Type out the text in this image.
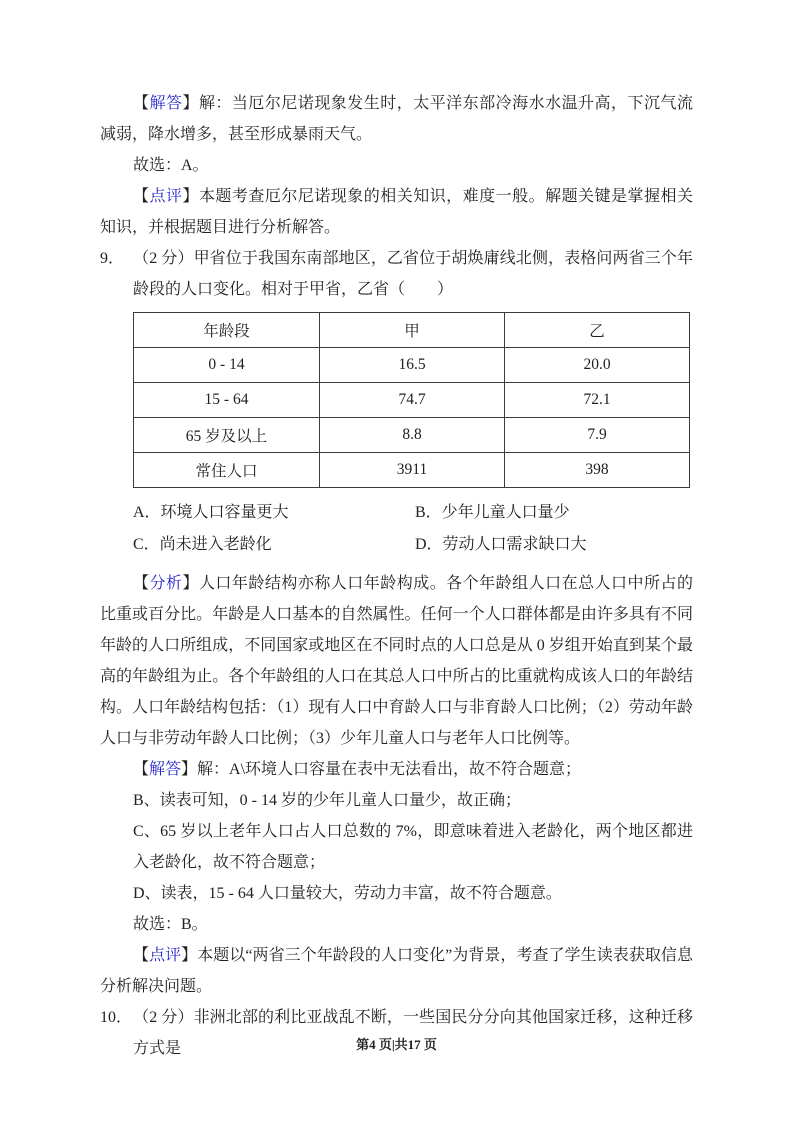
【解答】解：当厄尔尼诺现象发生时，太平洋东部冷海水水温升高，下沉气流减弱，降水增多，甚至形成暴雨天气。

故选：A。

【点评】本题考查厄尔尼诺现象的相关知识，难度一般。解题关键是掌握相关知识，并根据题目进行分析解答。

9． （2 分）甲省位于我国东南部地区，乙省位于胡焕庸线北侧，表格问两省三个年龄段的人口变化。相对于甲省，乙省（　　）

年龄段	甲	乙
0 - 14	16.5	20.0
15 - 64	74.7	72.1
65 岁及以上	8.8	7.9
常住人口	3911	398
A．环境人口容量更大	B．少年儿童人口量少
C．尚未进入老龄化	D．劳动人口需求缺口大

【分析】人口年龄结构亦称人口年龄构成。各个年龄组人口在总人口中所占的比重或百分比。年龄是人口基本的自然属性。任何一个人口群体都是由许多具有不同年龄的人口所组成，不同国家或地区在不同时点的人口总是从 0 岁组开始直到某个最高的年龄组为止。各个年龄组的人口在其总人口中所占的比重就构成该人口的年龄结构。人口年龄结构包括：（1）现有人口中育龄人口与非育龄人口比例；（2）劳动年龄人口与非劳动年龄人口比例；（3）少年儿童人口与老年人口比例等。

【解答】解：A\环境人口容量在表中无法看出，故不符合题意；

B、读表可知，0 - 14 岁的少年儿童人口量少，故正确；

C、65 岁以上老年人口占人口总数的 7%，即意味着进入老龄化，两个地区都进入老龄化，故不符合题意；

D、读表，15 - 64 人口量较大，劳动力丰富，故不符合题意。

故选：B。

【点评】本题以“两省三个年龄段的人口变化”为背景，考查了学生读表获取信息分析解决问题。

10．（2 分）非洲北部的利比亚战乱不断，一些国民分分向其他国家迁移，这种迁移方式是	第4 页|共17 页
